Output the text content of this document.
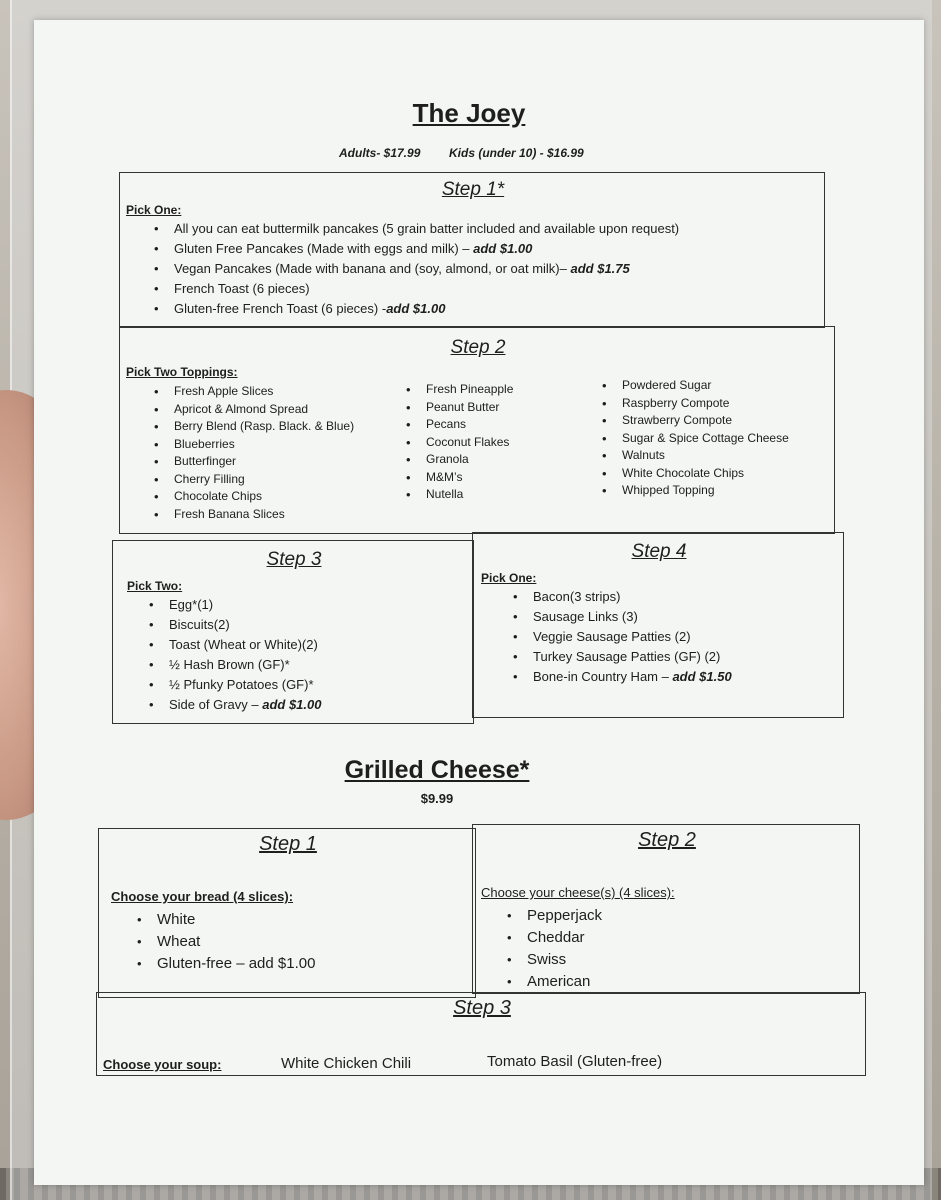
The Joey
Adults- $17.99 Kids (under 10) - $16.99
Step 1*
Pick One:
• All you can eat buttermilk pancakes (5 grain batter included and available upon request)
• Gluten Free Pancakes (Made with eggs and milk) – add $1.00
• Vegan Pancakes (Made with banana and (soy, almond, or oat milk)– add $1.75
• French Toast (6 pieces)
• Gluten-free French Toast (6 pieces) -add $1.00
Step 2
Pick Two Toppings:
• Fresh Apple Slices
• Apricot & Almond Spread
• Berry Blend (Rasp. Black. & Blue)
• Blueberries
• Butterfinger
• Cherry Filling
• Chocolate Chips
• Fresh Banana Slices
• Fresh Pineapple
• Peanut Butter
• Pecans
• Coconut Flakes
• Granola
• M&M’s
• Nutella
• Powdered Sugar
• Raspberry Compote
• Strawberry Compote
• Sugar & Spice Cottage Cheese
• Walnuts
• White Chocolate Chips
• Whipped Topping
Step 3
Pick Two:
• Egg*(1)
• Biscuits(2)
• Toast (Wheat or White)(2)
• ½ Hash Brown (GF)*
• ½ Pfunky Potatoes (GF)*
• Side of Gravy – add $1.00
Step 4
Pick One:
• Bacon(3 strips)
• Sausage Links (3)
• Veggie Sausage Patties (2)
• Turkey Sausage Patties (GF) (2)
• Bone-in Country Ham – add $1.50
Grilled Cheese*
$9.99
Step 1
Choose your bread (4 slices):
• White
• Wheat
• Gluten-free – add $1.00
Step 2
Choose your cheese(s) (4 slices):
• Pepperjack
• Cheddar
• Swiss
• American
Step 3
Choose your soup:	White Chicken Chili	Tomato Basil (Gluten-free)
